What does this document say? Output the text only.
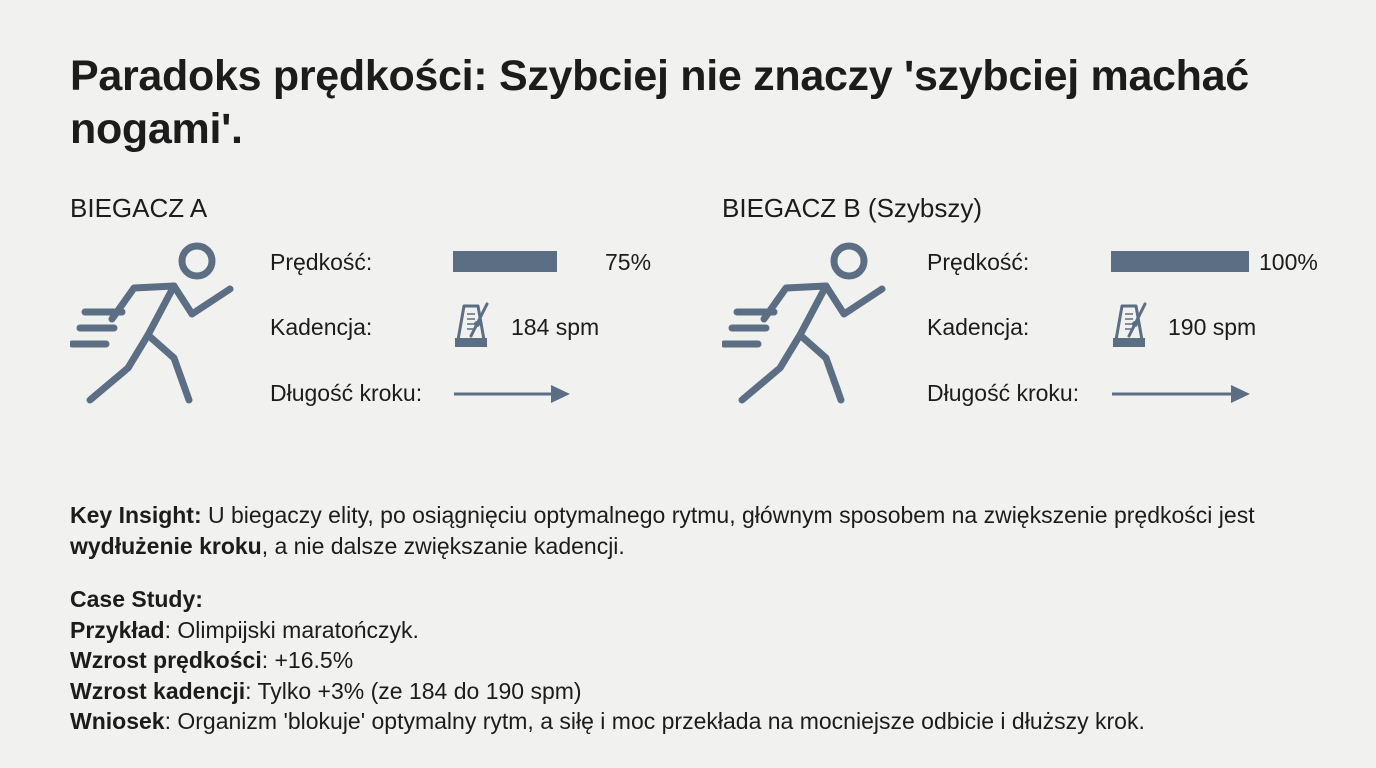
Paradoks prędkości: Szybciej nie znaczy 'szybciej machać nogami'.
BIEGACZ A
Prędkość:	75%
Kadencja:	184 spm
Długość kroku:
BIEGACZ B (Szybszy)
Prędkość:	100%
Kadencja:	190 spm
Długość kroku:
Key Insight: U biegaczy elity, po osiągnięciu optymalnego rytmu, głównym sposobem na zwiększenie prędkości jest wydłużenie kroku, a nie dalsze zwiększanie kadencji.
Case Study:
Przykład: Olimpijski maratończyk.
Wzrost prędkości: +16.5%
Wzrost kadencji: Tylko +3% (ze 184 do 190 spm)
Wniosek: Organizm 'blokuje' optymalny rytm, a siłę i moc przekłada na mocniejsze odbicie i dłuższy krok.
